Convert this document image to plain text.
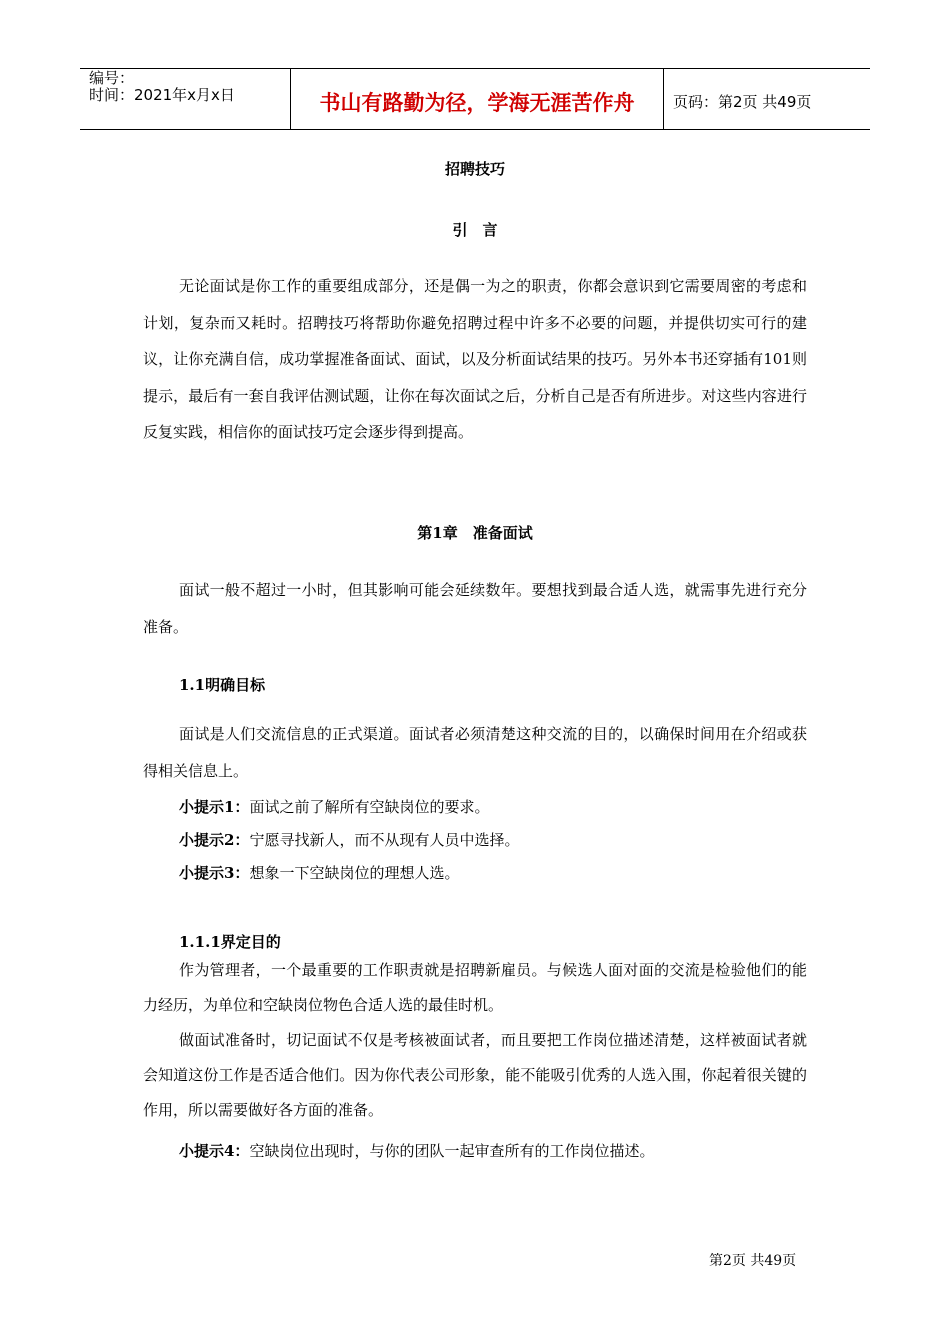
编号：
时间：2021年x月x日	书山有路勤为径，学海无涯苦作舟	页码：第2页 共49页
招聘技巧
引　言
无论面试是你工作的重要组成部分，还是偶一为之的职责，你都会意识到它需要周密的考虑和计划，复杂而又耗时。招聘技巧将帮助你避免招聘过程中许多不必要的问题，并提供切实可行的建议，让你充满自信，成功掌握准备面试、面试，以及分析面试结果的技巧。另外本书还穿插有101则提示，最后有一套自我评估测试题，让你在每次面试之后，分析自己是否有所进步。对这些内容进行反复实践，相信你的面试技巧定会逐步得到提高。
第1章　准备面试
面试一般不超过一小时，但其影响可能会延续数年。要想找到最合适人选，就需事先进行充分准备。
1.1明确目标
面试是人们交流信息的正式渠道。面试者必须清楚这种交流的目的，以确保时间用在介绍或获得相关信息上。
小提示1：面试之前了解所有空缺岗位的要求。
小提示2：宁愿寻找新人，而不从现有人员中选择。
小提示3：想象一下空缺岗位的理想人选。
1.1.1界定目的
作为管理者，一个最重要的工作职责就是招聘新雇员。与候选人面对面的交流是检验他们的能力经历，为单位和空缺岗位物色合适人选的最佳时机。
做面试准备时，切记面试不仅是考核被面试者，而且要把工作岗位描述清楚，这样被面试者就会知道这份工作是否适合他们。因为你代表公司形象，能不能吸引优秀的人选入围，你起着很关键的作用，所以需要做好各方面的准备。
小提示4：空缺岗位出现时，与你的团队一起审查所有的工作岗位描述。
第2页 共49页
